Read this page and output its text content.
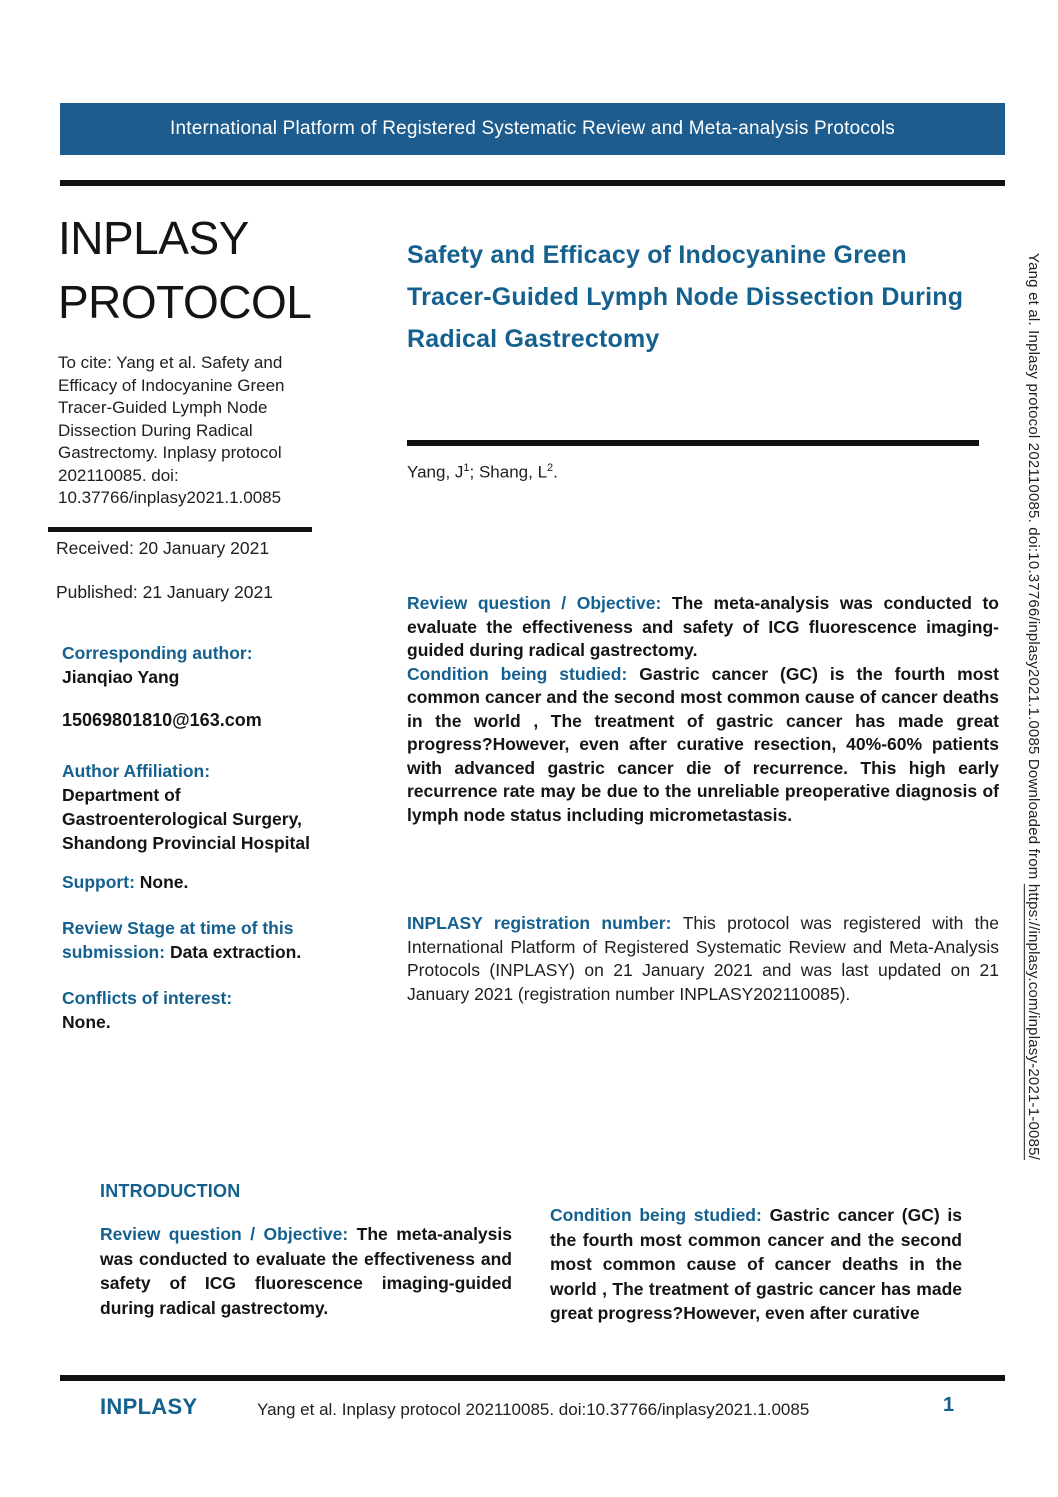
International Platform of Registered Systematic Review and Meta-analysis Protocols
INPLASY
PROTOCOL
To cite: Yang et al. Safety and Efficacy of Indocyanine Green Tracer-Guided Lymph Node Dissection During Radical Gastrectomy. Inplasy protocol 202110085. doi: 10.37766/inplasy2021.1.0085
Received: 20 January 2021
Published: 21 January 2021
Corresponding author:
Jianqiao Yang
15069801810@163.com
Author Affiliation:
Department of Gastroenterological Surgery, Shandong Provincial Hospital
Support: None.
Review Stage at time of this submission: Data extraction.
Conflicts of interest:
None.
Safety and Efficacy of Indocyanine Green Tracer-Guided Lymph Node Dissection During Radical Gastrectomy
Yang, $J^1$; Shang, $L^2$.

Review question / Objective: The meta-analysis was conducted to evaluate the effectiveness and safety of ICG fluorescence imaging-guided during radical gastrectomy.

Condition being studied: Gastric cancer (GC) is the fourth most common cancer and the second most common cause of cancer deaths in the world , The treatment of gastric cancer has made great progress?However, even after curative resection, 40%-60% patients with advanced gastric cancer die of recurrence. This high early recurrence rate may be due to the unreliable preoperative diagnosis of lymph node status including micrometastasis.

INPLASY registration number: This protocol was registered with the International Platform of Registered Systematic Review and Meta-Analysis Protocols (INPLASY) on 21 January 2021 and was last updated on 21 January 2021 (registration number INPLASY202110085).
INTRODUCTION
Review question / Objective: The meta-analysis was conducted to evaluate the effectiveness and safety of ICG fluorescence imaging-guided during radical gastrectomy.
Condition being studied: Gastric cancer (GC) is the fourth most common cancer and the second most common cause of cancer deaths in the world , The treatment of gastric cancer has made great progress?However, even after curative
INPLASY	Yang et al. Inplasy protocol 202110085. doi:10.37766/inplasy2021.1.0085	1
Yang et al. Inplasy protocol 202110085. doi:10.37766/inplasy2021.1.0085 Downloaded from https://inplasy.com/inplasy-2021-1-0085/
